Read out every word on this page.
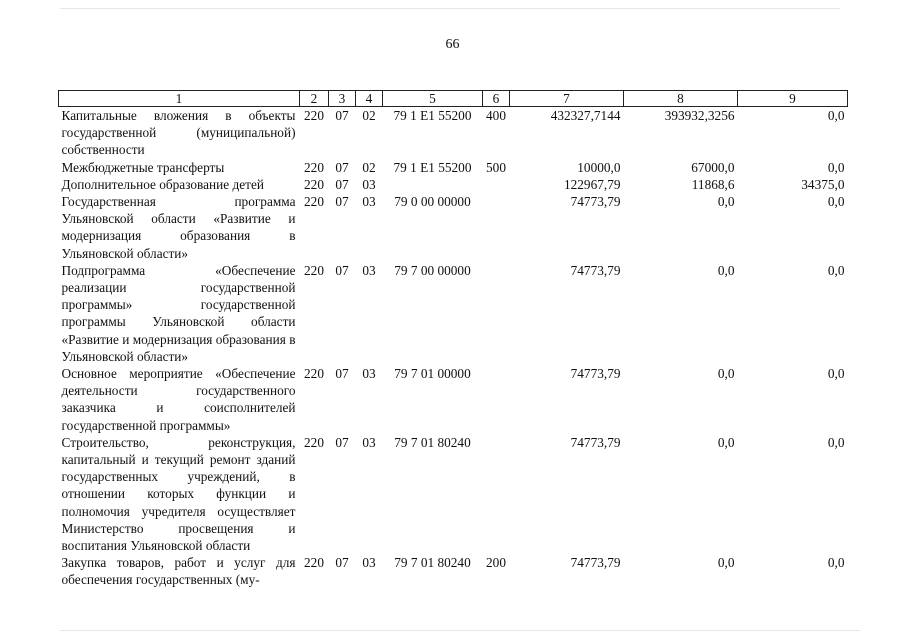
66
1	2	3	4	5	6	7	8	9
Капитальные вложения в объекты государственной (муниципальной) собственности	220	07	02	79 1 E1 55200	400	432327,7144	393932,3256	0,0
Межбюджетные трансферты	220	07	02	79 1 E1 55200	500	10000,0	67000,0	0,0
Дополнительное образование детей	220	07	03			122967,79	11868,6	34375,0
Государственная программа Ульяновской области «Развитие и модернизация образования в Ульяновской области»	220	07	03	79 0 00 00000		74773,79	0,0	0,0
Подпрограмма «Обеспечение реализации государственной программы» государственной программы Ульяновской области «Развитие и модернизация образования в Ульяновской области»	220	07	03	79 7 00 00000		74773,79	0,0	0,0
Основное мероприятие «Обеспечение деятельности государственного заказчика и соисполнителей государственной программы»	220	07	03	79 7 01 00000		74773,79	0,0	0,0
Строительство, реконструкция, капитальный и текущий ремонт зданий государственных учреждений, в отношении которых функции и полномочия учредителя осуществляет Министерство просвещения и воспитания Ульяновской области	220	07	03	79 7 01 80240		74773,79	0,0	0,0
Закупка товаров, работ и услуг для обеспечения государственных (му-	220	07	03	79 7 01 80240	200	74773,79	0,0	0,0
